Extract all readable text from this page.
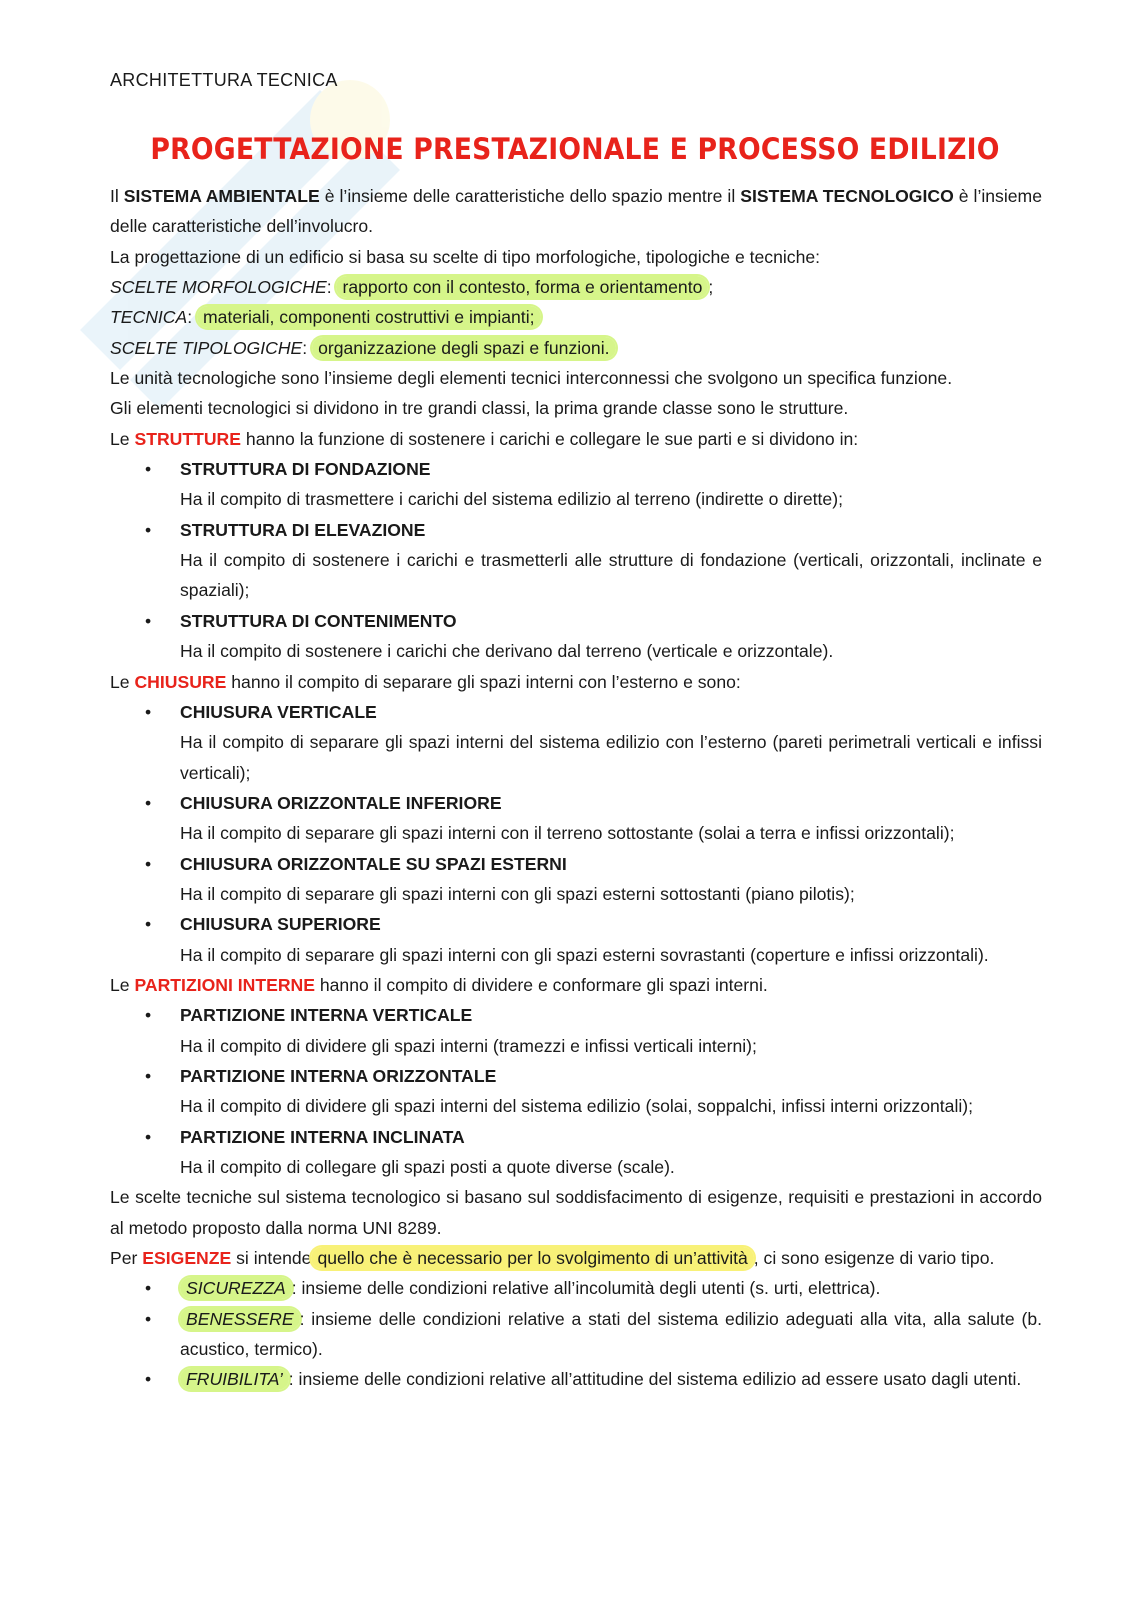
ARCHITETTURA TECNICA
PROGETTAZIONE PRESTAZIONALE E PROCESSO EDILIZIO

Il SISTEMA AMBIENTALE è l’insieme delle caratteristiche dello spazio mentre il SISTEMA TECNOLOGICO è l’insieme delle caratteristiche dell’involucro.

La progettazione di un edificio si basa su scelte di tipo morfologiche, tipologiche e tecniche:

SCELTE MORFOLOGICHE: rapporto con il contesto, forma e orientamento ;

TECNICA: materiali, componenti costruttivi e impianti;

SCELTE TIPOLOGICHE: organizzazione degli spazi e funzioni.

Le unità tecnologiche sono l’insieme degli elementi tecnici interconnessi che svolgono un specifica funzione.

Gli elementi tecnologici si dividono in tre grandi classi, la prima grande classe sono le strutture.

Le STRUTTURE hanno la funzione di sostenere i carichi e collegare le sue parti e si dividono in:

• STRUTTURA DI FONDAZIONE
Ha il compito di trasmettere i carichi del sistema edilizio al terreno (indirette o dirette);
• STRUTTURA DI ELEVAZIONE
Ha il compito di sostenere i carichi e trasmetterli alle strutture di fondazione (verticali, orizzontali, inclinate e spaziali);
• STRUTTURA DI CONTENIMENTO
Ha il compito di sostenere i carichi che derivano dal terreno (verticale e orizzontale).

Le CHIUSURE hanno il compito di separare gli spazi interni con l’esterno e sono:

• CHIUSURA VERTICALE
Ha il compito di separare gli spazi interni del sistema edilizio con l’esterno (pareti perimetrali verticali e infissi verticali);
• CHIUSURA ORIZZONTALE INFERIORE
Ha il compito di separare gli spazi interni con il terreno sottostante (solai a terra e infissi orizzontali);
• CHIUSURA ORIZZONTALE SU SPAZI ESTERNI
Ha il compito di separare gli spazi interni con gli spazi esterni sottostanti (piano pilotis);
• CHIUSURA SUPERIORE
Ha il compito di separare gli spazi interni con gli spazi esterni sovrastanti (coperture e infissi orizzontali).

Le PARTIZIONI INTERNE hanno il compito di dividere e conformare gli spazi interni.

• PARTIZIONE INTERNA VERTICALE
Ha il compito di dividere gli spazi interni (tramezzi e infissi verticali interni);
• PARTIZIONE INTERNA ORIZZONTALE
Ha il compito di dividere gli spazi interni del sistema edilizio (solai, soppalchi, infissi interni orizzontali);
• PARTIZIONE INTERNA INCLINATA
Ha il compito di collegare gli spazi posti a quote diverse (scale).

Le scelte tecniche sul sistema tecnologico si basano sul soddisfacimento di esigenze, requisiti e prestazioni in accordo al metodo proposto dalla norma UNI 8289.

Per ESIGENZE si intende quello che è necessario per lo svolgimento di un’attività , ci sono esigenze di vario tipo.

• SICUREZZA : insieme delle condizioni relative all’incolumità degli utenti (s. urti, elettrica).
• BENESSERE : insieme delle condizioni relative a stati del sistema edilizio adeguati alla vita, alla salute (b. acustico, termico).
• FRUIBILITA’ : insieme delle condizioni relative all’attitudine del sistema edilizio ad essere usato dagli utenti.
